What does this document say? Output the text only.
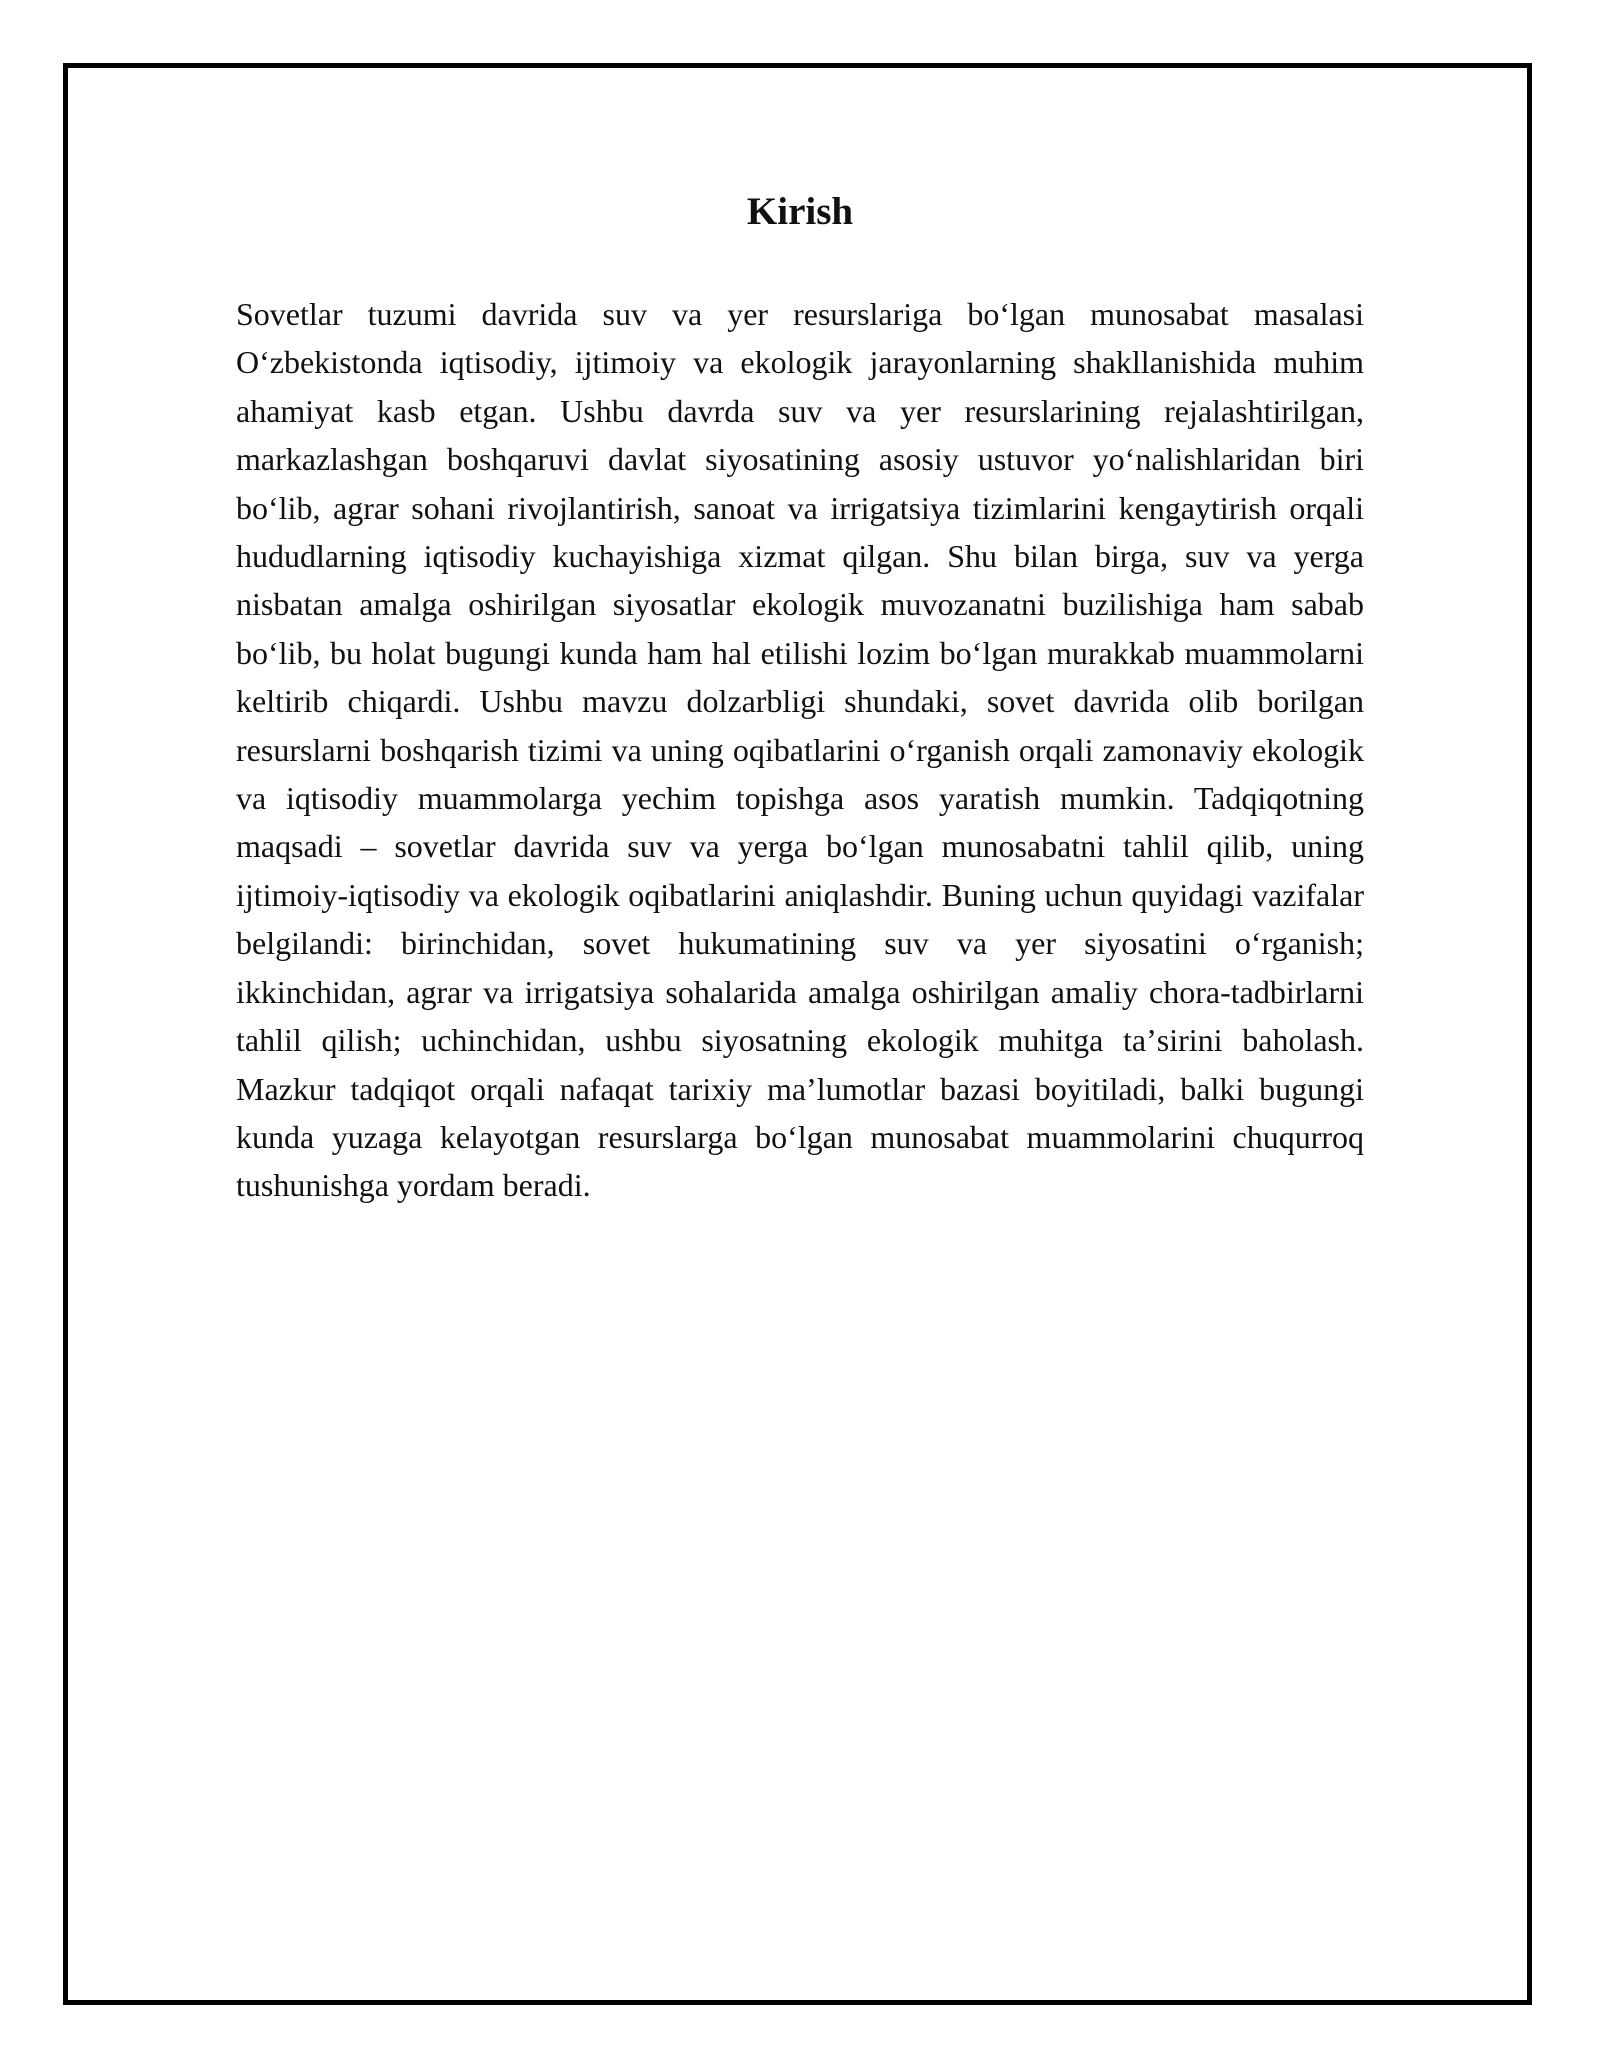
Kirish

Sovetlar tuzumi davrida suv va yer resurslariga boʻlgan munosabat masalasi Oʻzbekistonda iqtisodiy, ijtimoiy va ekologik jarayonlarning shakllanishida muhim ahamiyat kasb etgan. Ushbu davrda suv va yer resurslarining rejalashtirilgan, markazlashgan boshqaruvi davlat siyosatining asosiy ustuvor yoʻnalishlaridan biri boʻlib, agrar sohani rivojlantirish, sanoat va irrigatsiya tizimlarini kengaytirish orqali hududlarning iqtisodiy kuchayishiga xizmat qilgan. Shu bilan birga, suv va yerga nisbatan amalga oshirilgan siyosatlar ekologik muvozanatni buzilishiga ham sabab boʻlib, bu holat bugungi kunda ham hal etilishi lozim boʻlgan murakkab muammolarni keltirib chiqardi. Ushbu mavzu dolzarbligi shundaki, sovet davrida olib borilgan resurslarni boshqarish tizimi va uning oqibatlarini oʻrganish orqali zamonaviy ekologik va iqtisodiy muammolarga yechim topishga asos yaratish mumkin. Tadqiqotning maqsadi – sovetlar davrida suv va yerga boʻlgan munosabatni tahlil qilib, uning ijtimoiy-iqtisodiy va ekologik oqibatlarini aniqlashdir. Buning uchun quyidagi vazifalar belgilandi: birinchidan, sovet hukumatining suv va yer siyosatini oʻrganish; ikkinchidan, agrar va irrigatsiya sohalarida amalga oshirilgan amaliy chora-tadbirlarni tahlil qilish; uchinchidan, ushbu siyosatning ekologik muhitga taʼsirini baholash. Mazkur tadqiqot orqali nafaqat tarixiy maʼlumotlar bazasi boyitiladi, balki bugungi kunda yuzaga kelayotgan resurslarga boʻlgan munosabat muammolarini chuqurroq tushunishga yordam beradi.
